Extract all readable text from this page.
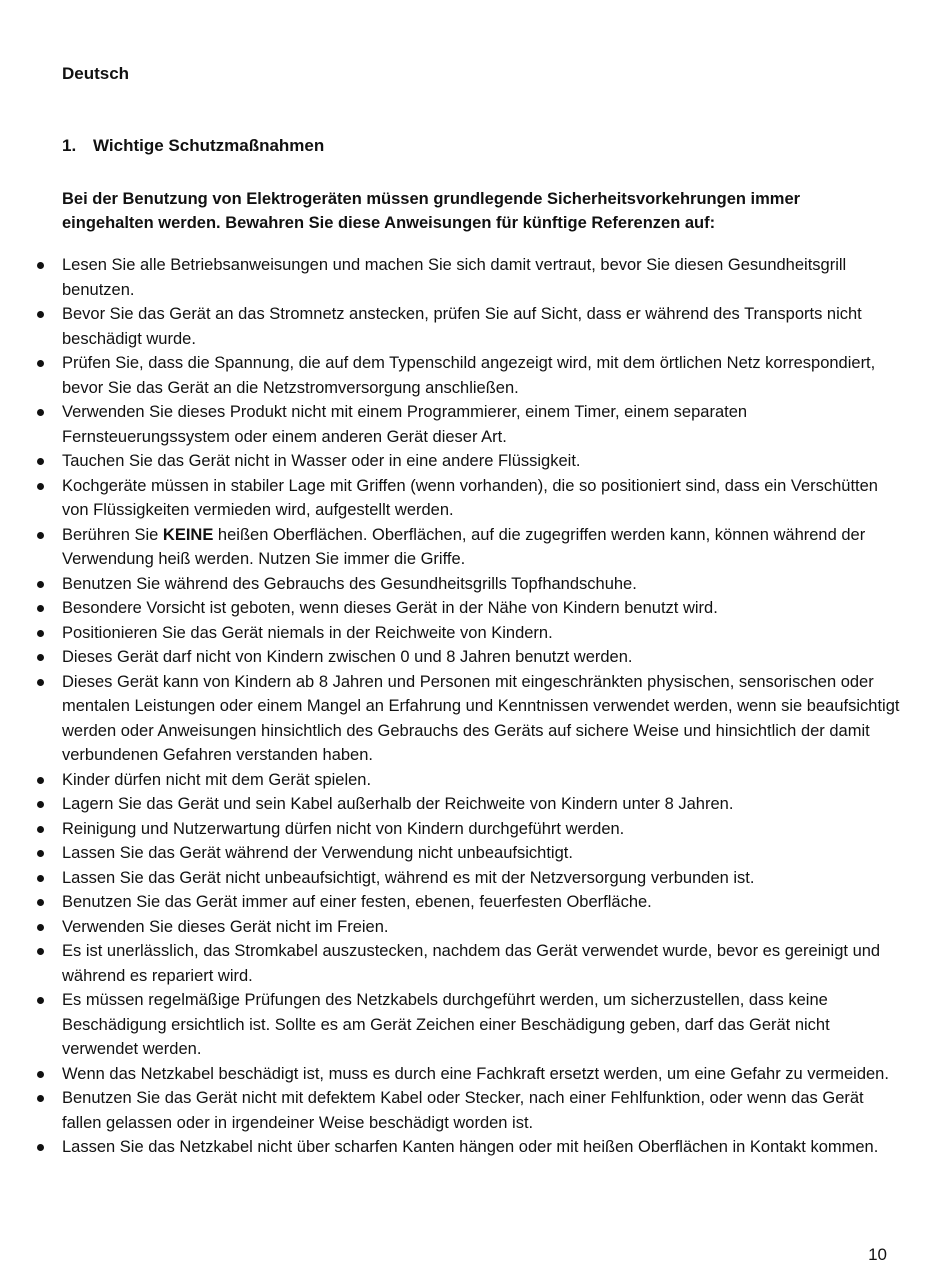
Deutsch

1. Wichtige Schutzmaßnahmen

Bei der Benutzung von Elektrogeräten müssen grundlegende Sicherheitsvorkehrungen immer eingehalten werden. Bewahren Sie diese Anweisungen für künftige Referenzen auf:

Lesen Sie alle Betriebsanweisungen und machen Sie sich damit vertraut, bevor Sie diesen Gesundheitsgrill benutzen.
Bevor Sie das Gerät an das Stromnetz anstecken, prüfen Sie auf Sicht, dass er während des Transports nicht beschädigt wurde.
Prüfen Sie, dass die Spannung, die auf dem Typenschild angezeigt wird, mit dem örtlichen Netz korrespondiert, bevor Sie das Gerät an die Netzstromversorgung anschließen.
Verwenden Sie dieses Produkt nicht mit einem Programmierer, einem Timer, einem separaten Fernsteuerungssystem oder einem anderen Gerät dieser Art.
Tauchen Sie das Gerät nicht in Wasser oder in eine andere Flüssigkeit.
Kochgeräte müssen in stabiler Lage mit Griffen (wenn vorhanden), die so positioniert sind, dass ein Verschütten von Flüssigkeiten vermieden wird, aufgestellt werden.
Berühren Sie KEINE heißen Oberflächen. Oberflächen, auf die zugegriffen werden kann, können während der Verwendung heiß werden. Nutzen Sie immer die Griffe.
Benutzen Sie während des Gebrauchs des Gesundheitsgrills Topfhandschuhe.
Besondere Vorsicht ist geboten, wenn dieses Gerät in der Nähe von Kindern benutzt wird.
Positionieren Sie das Gerät niemals in der Reichweite von Kindern.
Dieses Gerät darf nicht von Kindern zwischen 0 und 8 Jahren benutzt werden.
Dieses Gerät kann von Kindern ab 8 Jahren und Personen mit eingeschränkten physischen, sensorischen oder mentalen Leistungen oder einem Mangel an Erfahrung und Kenntnissen verwendet werden, wenn sie beaufsichtigt werden oder Anweisungen hinsichtlich des Gebrauchs des Geräts auf sichere Weise und hinsichtlich der damit verbundenen Gefahren verstanden haben.
Kinder dürfen nicht mit dem Gerät spielen.
Lagern Sie das Gerät und sein Kabel außerhalb der Reichweite von Kindern unter 8 Jahren.
Reinigung und Nutzerwartung dürfen nicht von Kindern durchgeführt werden.
Lassen Sie das Gerät während der Verwendung nicht unbeaufsichtigt.
Lassen Sie das Gerät nicht unbeaufsichtigt, während es mit der Netzversorgung verbunden ist.
Benutzen Sie das Gerät immer auf einer festen, ebenen, feuerfesten Oberfläche.
Verwenden Sie dieses Gerät nicht im Freien.
Es ist unerlässlich, das Stromkabel auszustecken, nachdem das Gerät verwendet wurde, bevor es gereinigt und während es repariert wird.
Es müssen regelmäßige Prüfungen des Netzkabels durchgeführt werden, um sicherzustellen, dass keine Beschädigung ersichtlich ist. Sollte es am Gerät Zeichen einer Beschädigung geben, darf das Gerät nicht verwendet werden.
Wenn das Netzkabel beschädigt ist, muss es durch eine Fachkraft ersetzt werden, um eine Gefahr zu vermeiden.
Benutzen Sie das Gerät nicht mit defektem Kabel oder Stecker, nach einer Fehlfunktion, oder wenn das Gerät fallen gelassen oder in irgendeiner Weise beschädigt worden ist.
Lassen Sie das Netzkabel nicht über scharfen Kanten hängen oder mit heißen Oberflächen in Kontakt kommen.

10
